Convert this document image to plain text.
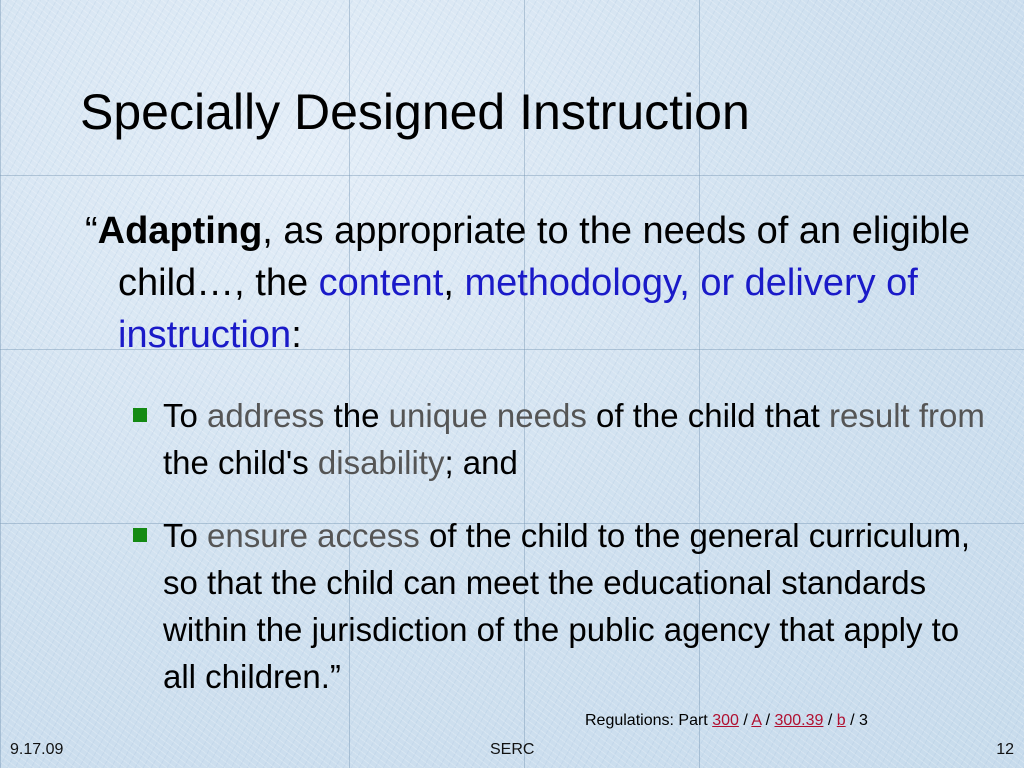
Specially Designed Instruction
“Adapting, as appropriate to the needs of an eligible child…, the content, methodology, or delivery of instruction:
To address the unique needs of the child that result from the child's disability; and
To ensure access of the child to the general curriculum, so that the child can meet the educational standards within the jurisdiction of the public agency that apply to all children.”
Regulations: Part 300 / A / 300.39 / b / 3
9.17.09	SERC	12
